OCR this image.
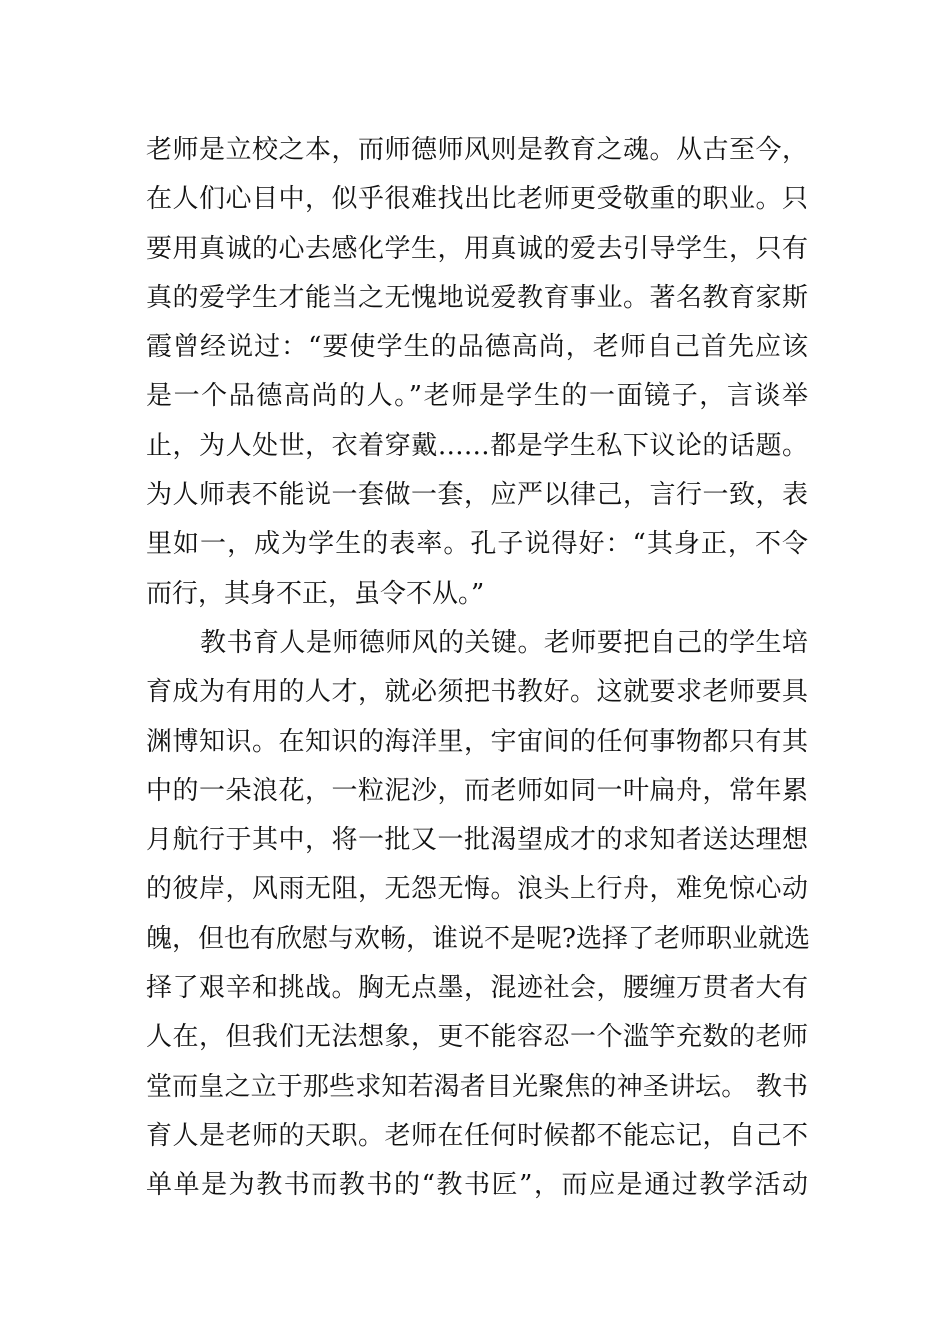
老师是立校之本，而师德师风则是教育之魂。从古至今，
在人们心目中，似乎很难找出比老师更受敬重的职业。只
要用真诚的心去感化学生，用真诚的爱去引导学生，只有
真的爱学生才能当之无愧地说爱教育事业。著名教育家斯
霞曾经说过：“要使学生的品德高尚，老师自己首先应该
是一个品德高尚的人。”老师是学生的一面镜子，言谈举
止，为人处世，衣着穿戴……都是学生私下议论的话题。
为人师表不能说一套做一套，应严以律己，言行一致，表
里如一，成为学生的表率。孔子说得好：“其身正，不令
而行，其身不正，虽令不从。”
教书育人是师德师风的关键。老师要把自己的学生培
育成为有用的人才，就必须把书教好。这就要求老师要具
渊博知识。在知识的海洋里，宇宙间的任何事物都只有其
中的一朵浪花，一粒泥沙，而老师如同一叶扁舟，常年累
月航行于其中，将一批又一批渴望成才的求知者送达理想
的彼岸，风雨无阻，无怨无悔。浪头上行舟，难免惊心动
魄，但也有欣慰与欢畅，谁说不是呢?选择了老师职业就选
择了艰辛和挑战。胸无点墨，混迹社会，腰缠万贯者大有
人在，但我们无法想象，更不能容忍一个滥竽充数的老师
堂而皇之立于那些求知若渴者目光聚焦的神圣讲坛。 教书
育人是老师的天职。老师在任何时候都不能忘记，自己不
单单是为教书而教书的“教书匠”，而应是通过教学活动
